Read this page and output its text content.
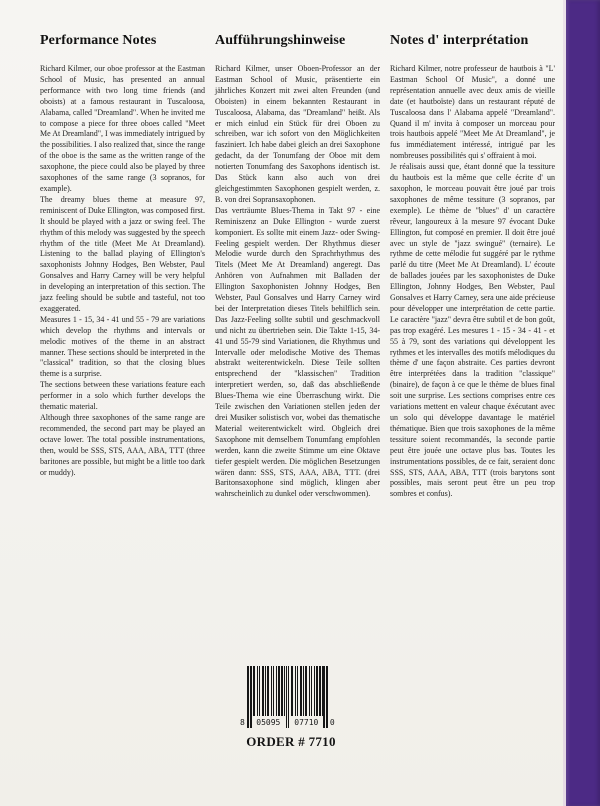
Performance Notes

Richard Kilmer, our oboe professor at the Eastman School of Music, has presented an annual performance with two long time friends (and oboists) at a famous restaurant in Tuscaloosa, Alabama, called "Dreamland". When he invited me to compose a piece for three oboes called "Meet Me At Dreamland", I was immediately intrigued by the possibilities. I also realized that, since the range of the oboe is the same as the written range of the saxophone, the piece could also be played by three saxophones of the same range (3 sopranos, for example).

The dreamy blues theme at measure 97, reminiscent of Duke Ellington, was composed first. It should be played with a jazz or swing feel. The rhythm of this melody was suggested by the speech rhythm of the title (Meet Me At Dreamland). Listening to the ballad playing of Ellington's saxophonists Johnny Hodges, Ben Webster, Paul Gonsalves and Harry Carney will be very helpful in developing an interpretation of this section. The jazz feeling should be subtle and tasteful, not too exaggerated.

Measures 1 - 15, 34 - 41 und 55 - 79 are variations which develop the rhythms and intervals or melodic motives of the theme in an abstract manner. These sections should be interpreted in the "classical" tradition, so that the closing blues theme is a surprise.

The sections between these variations feature each performer in a solo which further develops the thematic material.

Although three saxophones of the same range are recommended, the second part may be played an octave lower. The total possible instrumentations, then, would be SSS, STS, AAA, ABA, TTT (three baritones are possible, but might be a little too dark or muddy).

Aufführungshinweise

Richard Kilmer, unser Oboen-Professor an der Eastman School of Music, präsentierte ein jährliches Konzert mit zwei alten Freunden (und Oboisten) in einem bekannten Restaurant in Tuscaloosa, Alabama, das "Dreamland" heißt. Als er mich einlud ein Stück für drei Oboen zu schreiben, war ich sofort von den Möglichkeiten fasziniert. Ich habe dabei gleich an drei Saxophone gedacht, da der Tonumfang der Oboe mit dem notierten Tonumfang des Saxophons identisch ist. Das Stück kann also auch von drei gleichgestimmten Saxophonen gespielt werden, z. B. von drei Sopransaxophonen.

Das verträumte Blues-Thema in Takt 97 - eine Reminiszenz an Duke Ellington - wurde zuerst komponiert. Es sollte mit einem Jazz- oder Swing-Feeling gespielt werden. Der Rhythmus dieser Melodie wurde durch den Sprachrhythmus des Titels (Meet Me At Dreamland) angeregt. Das Anhören von Aufnahmen mit Balladen der Ellington Saxophonisten Johnny Hodges, Ben Webster, Paul Gonsalves und Harry Carney wird bei der Interpretation dieses Titels behilflich sein. Das Jazz-Feeling sollte subtil und geschmackvoll und nicht zu übertrieben sein. Die Takte 1-15, 34-41 und 55-79 sind Variationen, die Rhythmus und Intervalle oder melodische Motive des Themas abstrakt weiterentwickeln. Diese Teile sollten entsprechend der "klassischen" Tradition interpretiert werden, so, daß das abschließende Blues-Thema wie eine Überraschung wirkt. Die Teile zwischen den Variationen stellen jeden der drei Musiker solistisch vor, wobei das thematische Material weiterentwickelt wird. Obgleich drei Saxophone mit demselbem Tonumfang empfohlen werden, kann die zweite Stimme um eine Oktave tiefer gespielt werden. Die möglichen Besetzungen wären dann: SSS, STS, AAA, ABA, TTT. (drei Baritonsaxophone sind möglich, klingen aber wahrscheinlich zu dunkel oder verschwommen).

Notes d' interprétation

Richard Kilmer, notre professeur de hautbois à "L' Eastman School Of Music", a donné une représentation annuelle avec deux amis de vieille date (et hautboïste) dans un restaurant réputé de Tuscaloosa dans l' Alabama appelé "Dreamland". Quand il m' invita à composer un morceau pour trois hautbois appelé "Meet Me At Dreamland", je fus immédiatement intéressé, intrigué par les nombreuses possibilités qui s' offraient à moi.

Je réalisais aussi que, étant donné que la tessiture du hautbois est la même que celle écrite d' un saxophon, le morceau pouvait être joué par trois saxophones de même tessiture (3 sopranos, par exemple). Le thème de "blues" d' un caractère rêveur, langoureux à la mesure 97 évocant Duke Ellington, fut composé en premier. Il doit être joué avec un style de "jazz swingué" (ternaire). Le rythme de cette mélodie fut suggéré par le rythme parlé du titre (Meet Me At Dreamland). L' écoute de ballades jouées par les saxophonistes de Duke Ellington, Johnny Hodges, Ben Webster, Paul Gonsalves et Harry Carney, sera une aide précieuse pour développer une interprétation de cette partie. Le caractère "jazz" devra être subtil et de bon goût, pas trop exagéré. Les mesures 1 - 15 - 34 - 41 - et 55 à 79, sont des variations qui développent les rythmes et les intervalles des motifs mélodiques du thème d' une façon abstraite. Ces parties devront être interprétées dans la tradition "classique" (binaire), de façon à ce que le thème de blues final soit une surprise. Les sections comprises entre ces variations mettent en valeur chaque éxécutant avec un solo qui développe davantage le matériel thématique. Bien que trois saxophones de la même tessiture soient recommandés, la seconde partie peut être jouée une octave plus bas. Toutes les instrumentations possibles, de ce fait, seraient donc SSS, STS, AAA, ABA, TTT (trois barytons sont possibles, mais seront peut être un peu trop sombres et confus).

8	05095	07710	0
ORDER # 7710
